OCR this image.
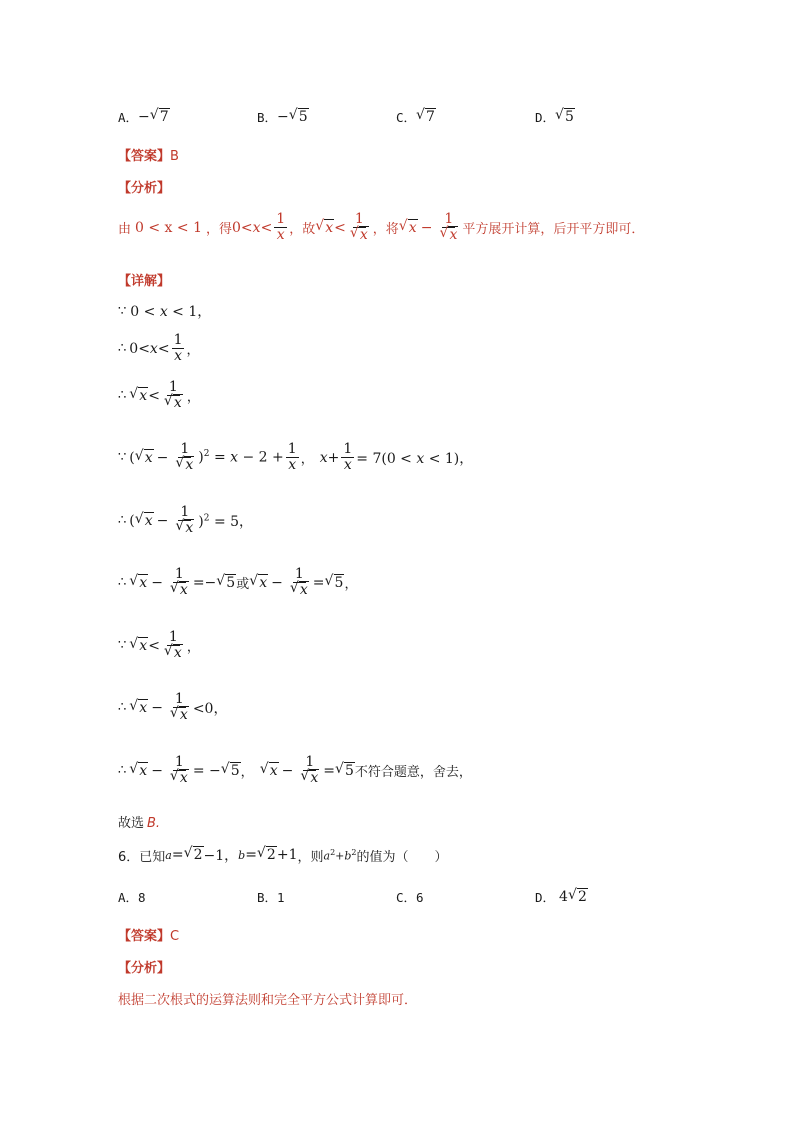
A． − √ 7	B． − √ 5	C． √ 7	D． √ 5
【答案】B
【分析】
由 0 < x < 1 ，得 $0<x< \frac{1}{x}$ ，故 √ x < 1
√ x ，将 √ x − 1
√ x 平方展开计算，后开平方即可．
【详解】
∵ 0 < x < 1，
∴ $0<x< \frac{1}{x}$ ，
∴ √ x < 1
√ x ，
∵ ( √ x − 1
√ x )$^2 = x - 2 + \frac{1}{x}$ ， $x + \frac{1}{x} = 7(0 < x < 1)$，
∴ ( √ x − 1
√ x )$^2$ = 5，
∴ √ x − 1
√ x =− √ 5 或 √ x − 1
√ x = √ 5 ，
∵ √ x < 1
√ x ，
∴ √ x − 1
√ x <0，
∴ √ x − 1
√ x = − √ 5 ，	√ x − 1
√ x = √ 5 不符合题意，舍去，
故选 B.
6．已知 a = √ 2 −1， b = √ 2 +1 ，则 $a^2+b^2$ 的值为（　　）
A． 8	B． 1	C． 6	D． 4 √ 2
【答案】C
【分析】
根据二次根式的运算法则和完全平方公式计算即可．
